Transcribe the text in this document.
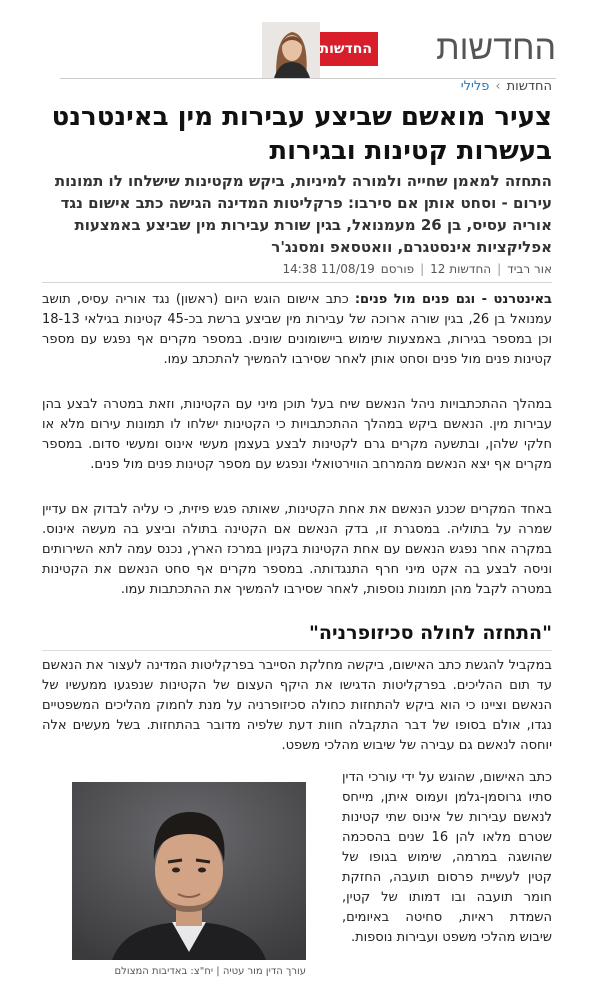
החדשות
החדשות
החדשות
›
פלילי
צעיר מואשם שביצע עבירות מין באינטרנט בעשרות קטינות ובגירות
התחזה למאמן שחייה ולמורה למיניות, ביקש מקטינות שישלחו לו תמונות עירום - וסחט אותן אם סירבו: פרקליטות המדינה הגישה כתב אישום נגד אוריה עסיס, בן 26 מעמנואל, בגין שורת עבירות מין שביצע באמצעות אפליקציות אינסטגרם, וואטסאפ ומסנג'ר
אור רביד
|
החדשות 12
|
פורסם
11/08/19 14:38

באינטרנט - וגם פנים מול פנים: כתב אישום הוגש היום (ראשון) נגד אוריה עסיס, תושב עמנואל בן 26, בגין שורה ארוכה של עבירות מין שביצע ברשת בכ-45 קטינות בגילאי 18-13 וכן במספר בגירות, באמצעות שימוש ביישומונים שונים. במספר מקרים אף נפגש עם מספר קטינות פנים מול פנים וסחט אותן לאחר שסירבו להמשיך להתכתב עמו.

במהלך ההתכתבויות ניהל הנאשם שיח בעל תוכן מיני עם הקטינות, וזאת במטרה לבצע בהן עבירות מין. הנאשם ביקש במהלך ההתכתבויות כי הקטינות ישלחו לו תמונות עירום מלא או חלקי שלהן, ובתשעה מקרים גרם לקטינות לבצע בעצמן מעשי אינוס ומעשי סדום. במספר מקרים אף יצא הנאשם מהמרחב הווירטואלי ונפגש עם מספר קטינות פנים מול פנים.

באחד המקרים שכנע הנאשם את אחת הקטינות, שאותה פגש פיזית, כי עליה לבדוק אם עדיין שמרה על בתוליה. במסגרת זו, בדק הנאשם אם הקטינה בתולה וביצע בה מעשה אינוס. במקרה אחר נפגש הנאשם עם אחת הקטינות בקניון במרכז הארץ, נכנס עמה לתא השירותים וניסה לבצע בה אקט מיני חרף התנגדותה. במספר מקרים אף סחט הנאשם את הקטינות במטרה לקבל מהן תמונות נוספות, לאחר שסירבו להמשיך את ההתכתבות עמו.

"התחזה לחולה סכיזופרניה"

במקביל להגשת כתב האישום, ביקשה מחלקת הסייבר בפרקליטות המדינה לעצור את הנאשם עד תום ההליכים. בפרקליטות הדגישו את היקף העצום של הקטינות שנפגעו ממעשיו של הנאשם וציינו כי הוא ביקש להתחזות כחולה סכיזופרניה על מנת לחמוק מהליכים המשפטיים נגדו, אולם בסופו של דבר התקבלה חוות דעת שלפיה מדובר בהתחזות. בשל מעשים אלה יוחסה לנאשם גם עבירה של שיבוש מהלכי משפט.

כתב האישום, שהוגש על ידי עורכי הדין סתיו גרוסמן-גלמן ועמוס איתן, מייחס לנאשם עבירות של אינוס שתי קטינות שטרם מלאו להן 16 שנים בהסכמה שהושגה במרמה, שימוש בגופו של קטין לעשיית פרסום תועבה, החזקת חומר תועבה ובו דמותו של קטין, השמדת ראיות, סחיטה באיומים, שיבוש מהלכי משפט ועבירות נוספות.

עורך הדין מור עטיה | יח"צ: באדיבות המצולם
